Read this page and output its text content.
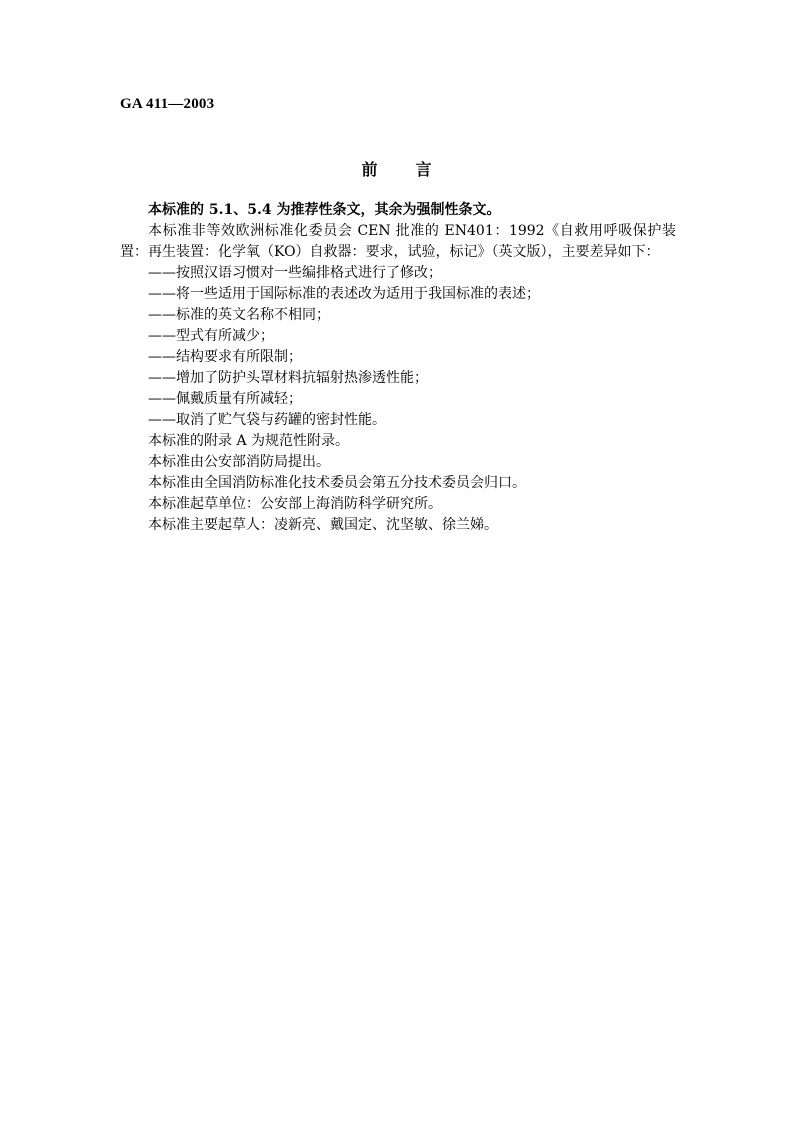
GA 411—2003
前 言

本标准的 5.1、5.4 为推荐性条文，其余为强制性条文。

本标准非等效欧洲标准化委员会 CEN 批准的 EN401：1992《自救用呼吸保护装置：再生装置：化学氧（KO）自救器：要求，试验，标记》（英文版），主要差异如下：

——按照汉语习惯对一些编排格式进行了修改；

——将一些适用于国际标准的表述改为适用于我国标准的表述；

——标准的英文名称不相同；

——型式有所减少；

——结构要求有所限制；

——增加了防护头罩材料抗辐射热渗透性能；

——佩戴质量有所减轻；

——取消了贮气袋与药罐的密封性能。

本标准的附录 A 为规范性附录。

本标准由公安部消防局提出。

本标准由全国消防标准化技术委员会第五分技术委员会归口。

本标准起草单位：公安部上海消防科学研究所。

本标准主要起草人：凌新亮、戴国定、沈坚敏、徐兰娣。
